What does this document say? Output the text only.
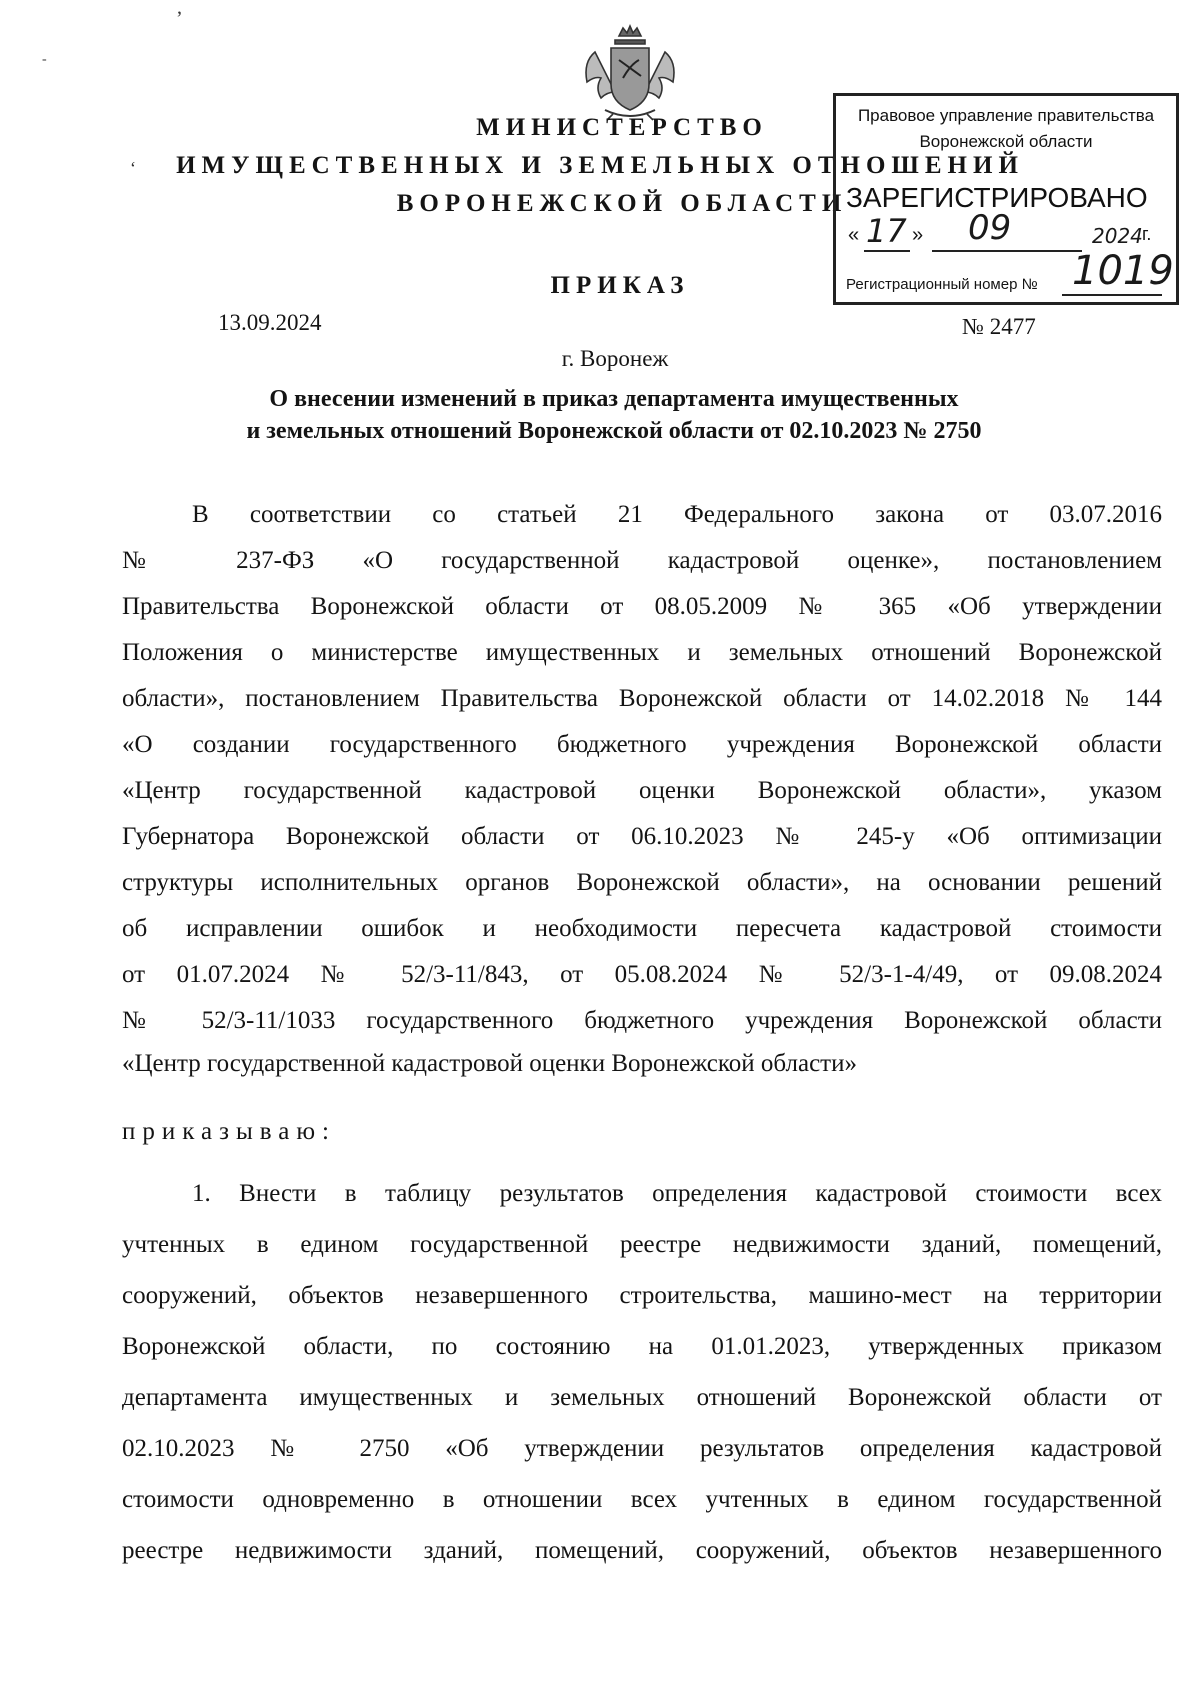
МИНИСТЕРСТВО
ИМУЩЕСТВЕННЫХ И ЗЕМЕЛЬНЫХ ОТНОШЕНИЙ
ВОРОНЕЖСКОЙ ОБЛАСТИ
ʼ
-
ʻ
Правовое управление правительства
Воронежской области
ЗАРЕГИСТРИРОВАНО
« 17 » 09	2024 г.
Регистрационный номер № 1019
ПРИКАЗ
13.09.2024	№ 2477
г. Воронеж
О внесении изменений в приказ департамента имущественных
и земельных отношений Воронежской области от 02.10.2023 № 2750
В соответствии со статьей 21 Федерального закона от 03.07.2016
№ 237-ФЗ «О государственной кадастровой оценке», постановлением
Правительства Воронежской области от 08.05.2009 № 365 «Об утверждении
Положения о министерстве имущественных и земельных отношений Воронежской
области», постановлением Правительства Воронежской области от 14.02.2018 № 144
«О создании государственного бюджетного учреждения Воронежской области
«Центр государственной кадастровой оценки Воронежской области», указом
Губернатора Воронежской области от 06.10.2023 № 245-у «Об оптимизации
структуры исполнительных органов Воронежской области», на основании решений
об исправлении ошибок и необходимости пересчета кадастровой стоимости
от 01.07.2024 № 52/3-11/843, от 05.08.2024 № 52/3-1-4/49, от 09.08.2024
№ 52/3-11/1033 государственного бюджетного учреждения Воронежской области
«Центр государственной кадастровой оценки Воронежской области»
приказываю:
1. Внести в таблицу результатов определения кадастровой стоимости всех
учтенных в едином государственной реестре недвижимости зданий, помещений,
сооружений, объектов незавершенного строительства, машино-мест на территории
Воронежской области, по состоянию на 01.01.2023, утвержденных приказом
департамента имущественных и земельных отношений Воронежской области от
02.10.2023 № 2750 «Об утверждении результатов определения кадастровой
стоимости одновременно в отношении всех учтенных в едином государственной
реестре недвижимости зданий, помещений, сооружений, объектов незавершенного
